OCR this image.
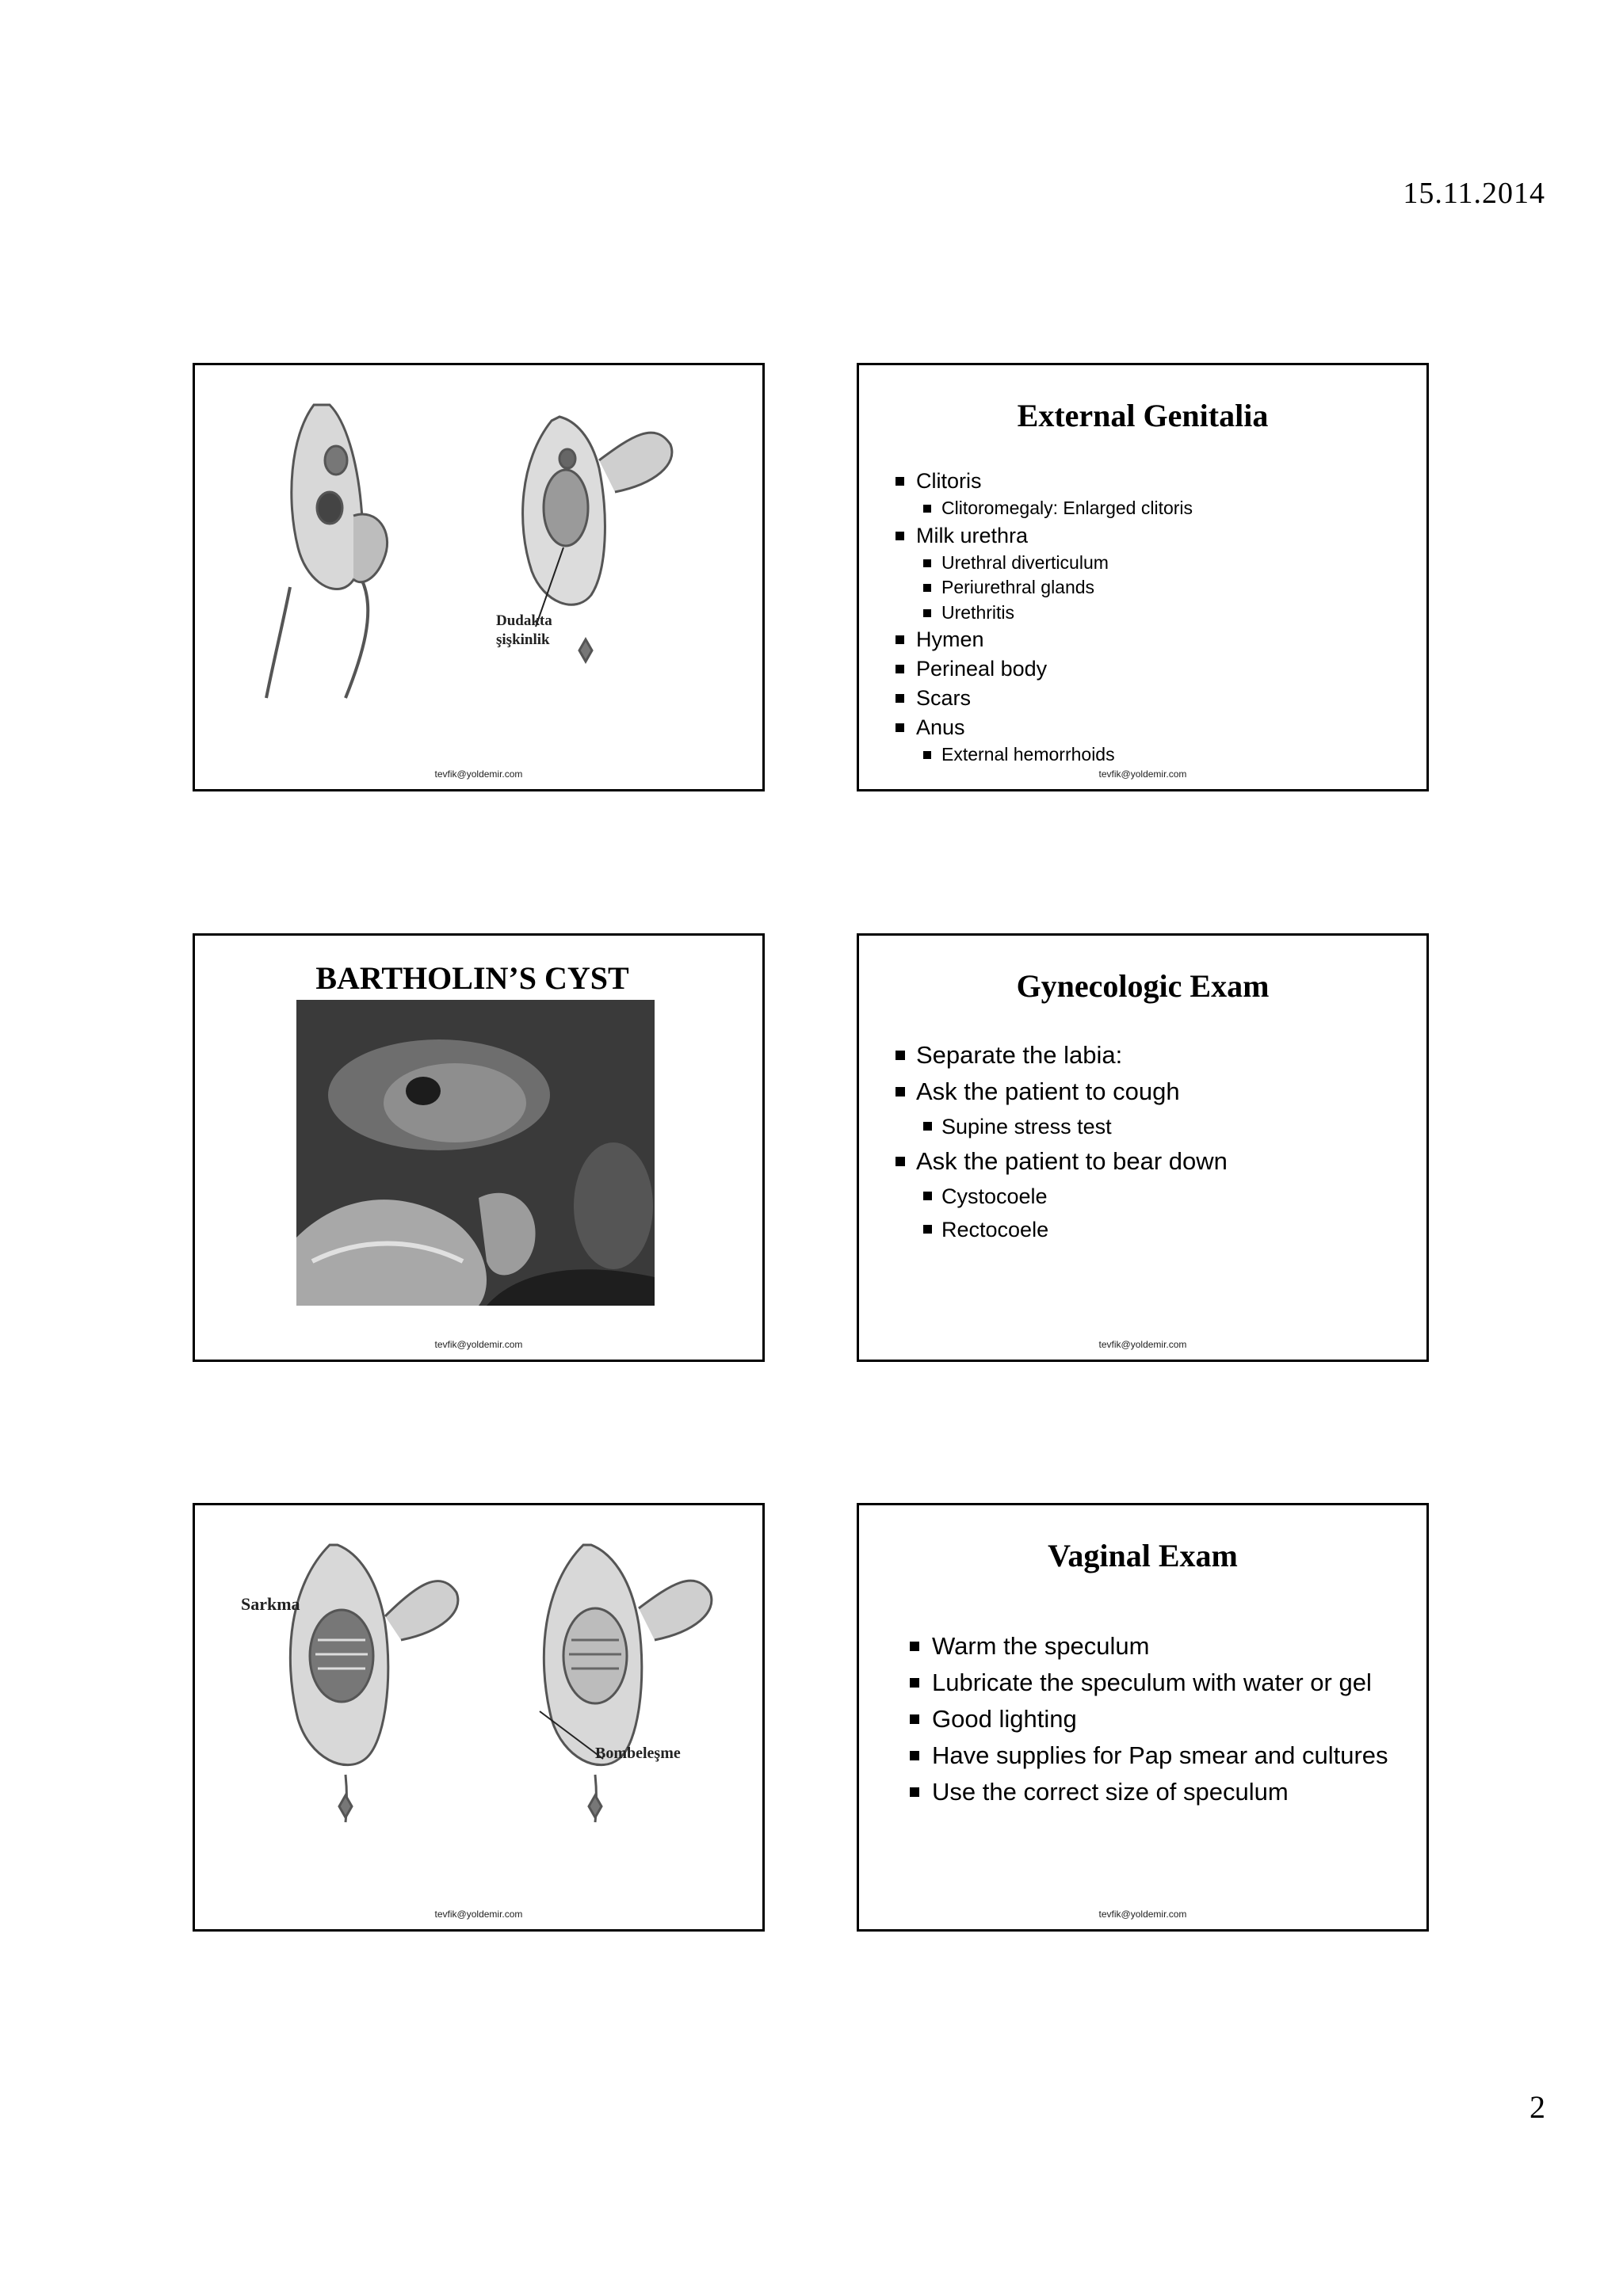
15.11.2014
Dudakta
şişkinlik
tevfik@yoldemir.com
External Genitalia
Clitoris
Clitoromegaly: Enlarged clitoris
Milk urethra
Urethral diverticulum
Periurethral glands
Urethritis
Hymen
Perineal body
Scars
Anus
External hemorrhoids
tevfik@yoldemir.com
BARTHOLIN’S CYST
tevfik@yoldemir.com
Gynecologic Exam
Separate the labia:
Ask the patient to cough
Supine stress test
Ask the patient to bear down
Cystocoele
Rectocoele
tevfik@yoldemir.com
Sarkma
Bombeleşme
tevfik@yoldemir.com
Vaginal Exam
Warm the speculum
Lubricate the speculum with water or gel
Good lighting
Have supplies for Pap smear and cultures
Use the correct size of speculum
tevfik@yoldemir.com
2
